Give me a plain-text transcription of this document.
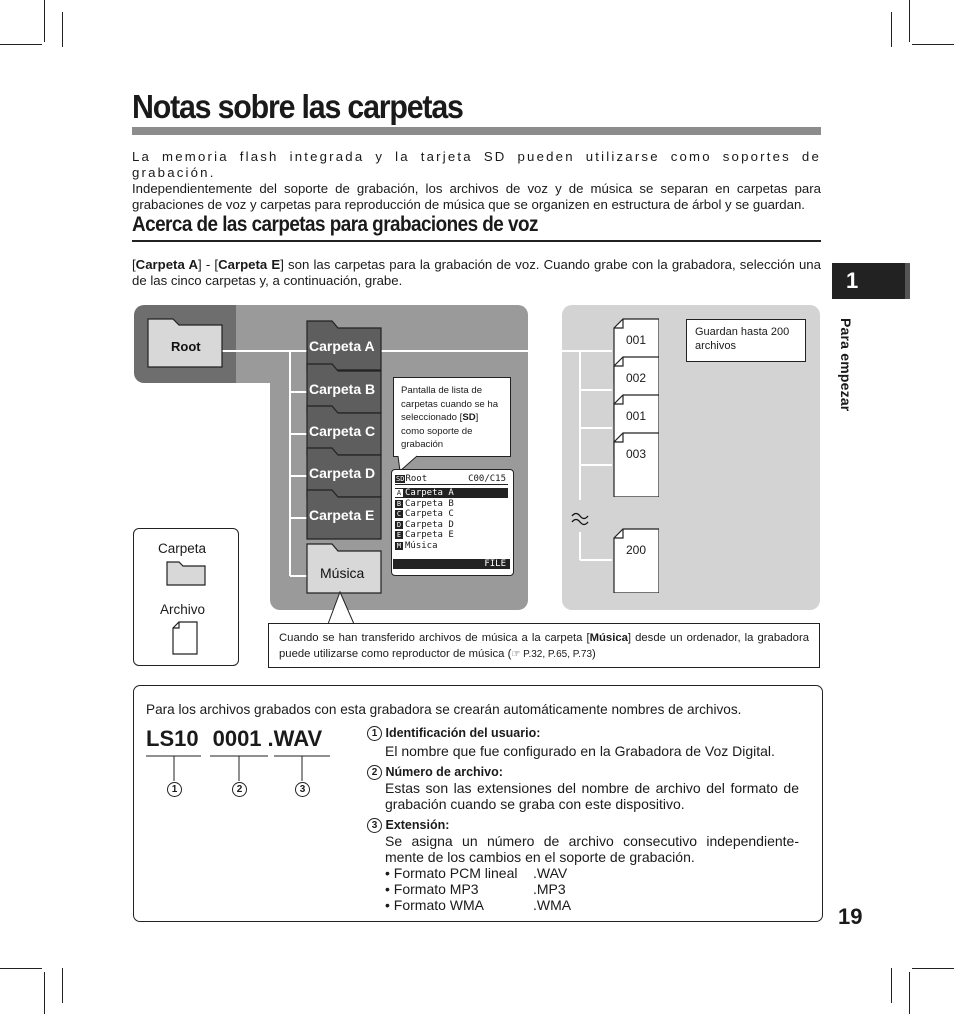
Notas sobre las carpetas
La memoria flash integrada y la tarjeta SD pueden utilizarse como soportes de grabación.
Independientemente del soporte de grabación, los archivos de voz y de música se separan en carpetas para grabaciones de voz y carpetas para reproducción de música que se organizen en estructura de árbol y se guardan.
Acerca de las carpetas para grabaciones de voz
[Carpeta A] - [Carpeta E] son las carpetas para la grabación de voz. Cuando grabe con la grabadora, selección una de las cinco carpetas y, a continuación, grabe.	1
Para empezar
19
Root	Carpeta A
Carpeta B
Carpeta C
Carpeta D
Carpeta E
Música
001
002
001
003
200
Guardan hasta 200 archivos
Pantalla de lista de carpetas cuando se ha seleccionado [SD] como soporte de grabación
SDRoot	C00/C15
A Carpeta A
B Carpeta B
C Carpeta C
D Carpeta D
E Carpeta E
M Música
FILE
Carpeta
Archivo
Cuando se han transferido archivos de música a la carpeta [Música] desde un ordenador, la grabadora puede utilizarse como reproductor de música (☞ P.32, P.65, P.73)
Para los archivos grabados con esta grabadora se crearán automáticamente nombres de archivos.
LS10 0001 .WAV
1	2	3
1 Identificación del usuario:
El nombre que fue configurado en la Grabadora de Voz Digital.
2 Número de archivo:
Estas son las extensiones del nombre de archivo del formato de grabación cuando se graba con este dispositivo.
3 Extensión:
Se asigna un número de archivo consecutivo independiente-mente de los cambios en el soporte de grabación.
• Formato PCM lineal .WAV
• Formato MP3	.MP3
• Formato WMA	.WMA
